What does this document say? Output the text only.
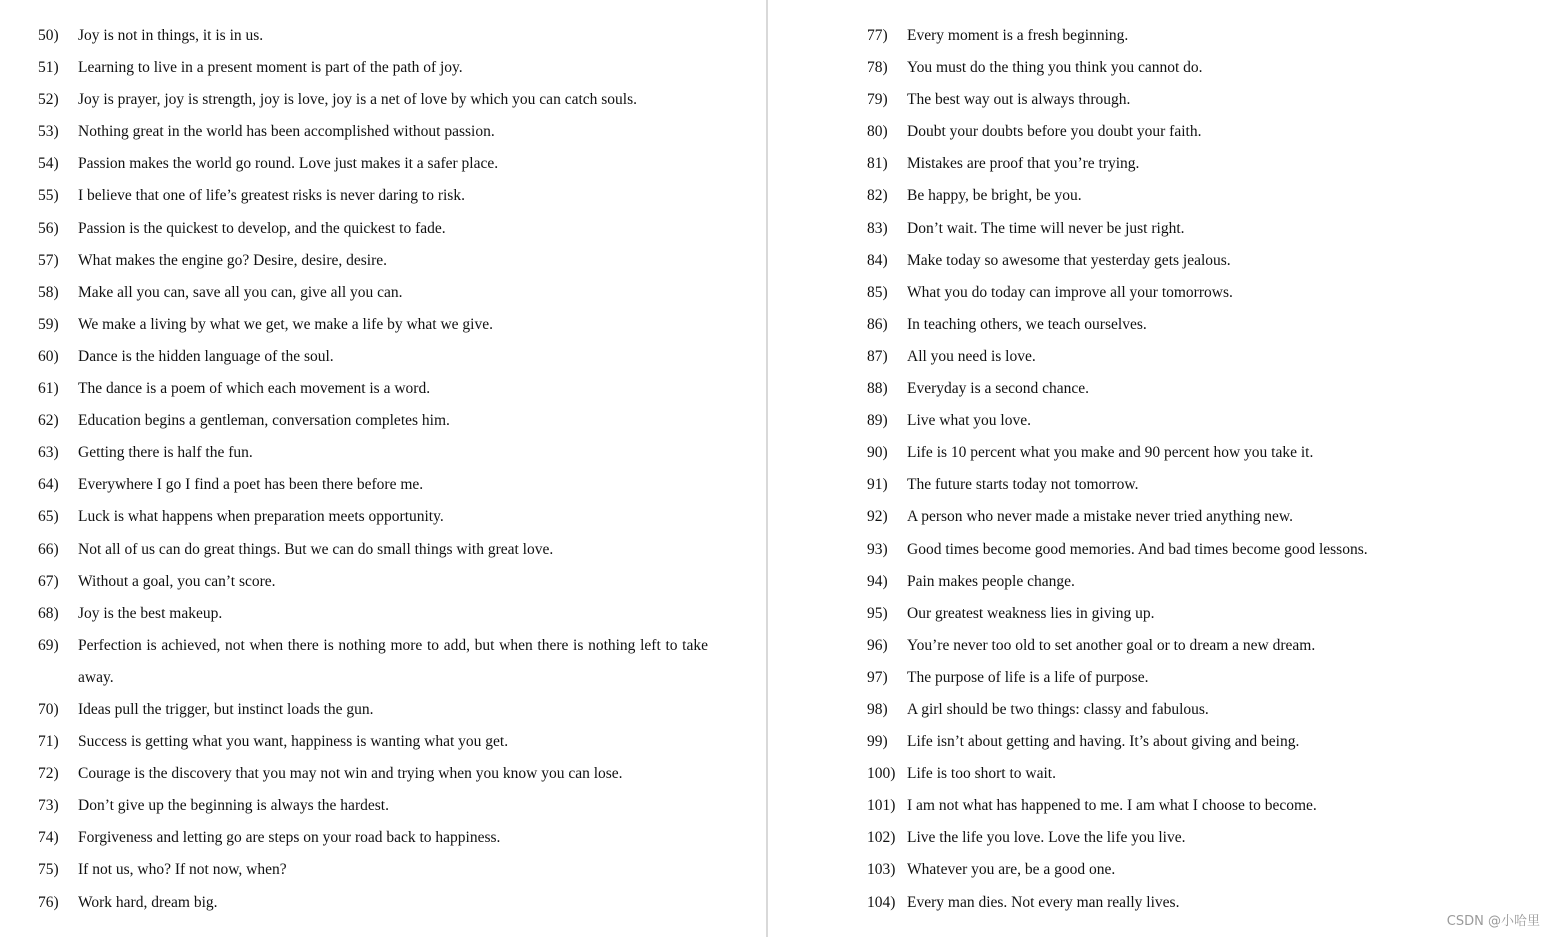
50) Joy is not in things, it is in us.
51) Learning to live in a present moment is part of the path of joy.
52) Joy is prayer, joy is strength, joy is love, joy is a net of love by which you can catch souls.
53) Nothing great in the world has been accomplished without passion.
54) Passion makes the world go round. Love just makes it a safer place.
55) I believe that one of life’s greatest risks is never daring to risk.
56) Passion is the quickest to develop, and the quickest to fade.
57) What makes the engine go? Desire, desire, desire.
58) Make all you can, save all you can, give all you can.
59) We make a living by what we get, we make a life by what we give.
60) Dance is the hidden language of the soul.
61) The dance is a poem of which each movement is a word.
62) Education begins a gentleman, conversation completes him.
63) Getting there is half the fun.
64) Everywhere I go I find a poet has been there before me.
65) Luck is what happens when preparation meets opportunity.
66) Not all of us can do great things. But we can do small things with great love.
67) Without a goal, you can’t score.
68) Joy is the best makeup.
69) Perfection is achieved, not when there is nothing more to add, but when there is nothing left to take away.
70) Ideas pull the trigger, but instinct loads the gun.
71) Success is getting what you want, happiness is wanting what you get.
72) Courage is the discovery that you may not win and trying when you know you can lose.
73) Don’t give up the beginning is always the hardest.
74) Forgiveness and letting go are steps on your road back to happiness.
75) If not us, who? If not now, when?
76) Work hard, dream big.
77) Every moment is a fresh beginning.
78) You must do the thing you think you cannot do.
79) The best way out is always through.
80) Doubt your doubts before you doubt your faith.
81) Mistakes are proof that you’re trying.
82) Be happy, be bright, be you.
83) Don’t wait. The time will never be just right.
84) Make today so awesome that yesterday gets jealous.
85) What you do today can improve all your tomorrows.
86) In teaching others, we teach ourselves.
87) All you need is love.
88) Everyday is a second chance.
89) Live what you love.
90) Life is 10 percent what you make and 90 percent how you take it.
91) The future starts today not tomorrow.
92) A person who never made a mistake never tried anything new.
93) Good times become good memories. And bad times become good lessons.
94) Pain makes people change.
95) Our greatest weakness lies in giving up.
96) You’re never too old to set another goal or to dream a new dream.
97) The purpose of life is a life of purpose.
98) A girl should be two things: classy and fabulous.
99) Life isn’t about getting and having. It’s about giving and being.
100) Life is too short to wait.
101) I am not what has happened to me. I am what I choose to become.
102) Live the life you love. Love the life you live.
103) Whatever you are, be a good one.
104) Every man dies. Not every man really lives.
CSDN @小哈里
